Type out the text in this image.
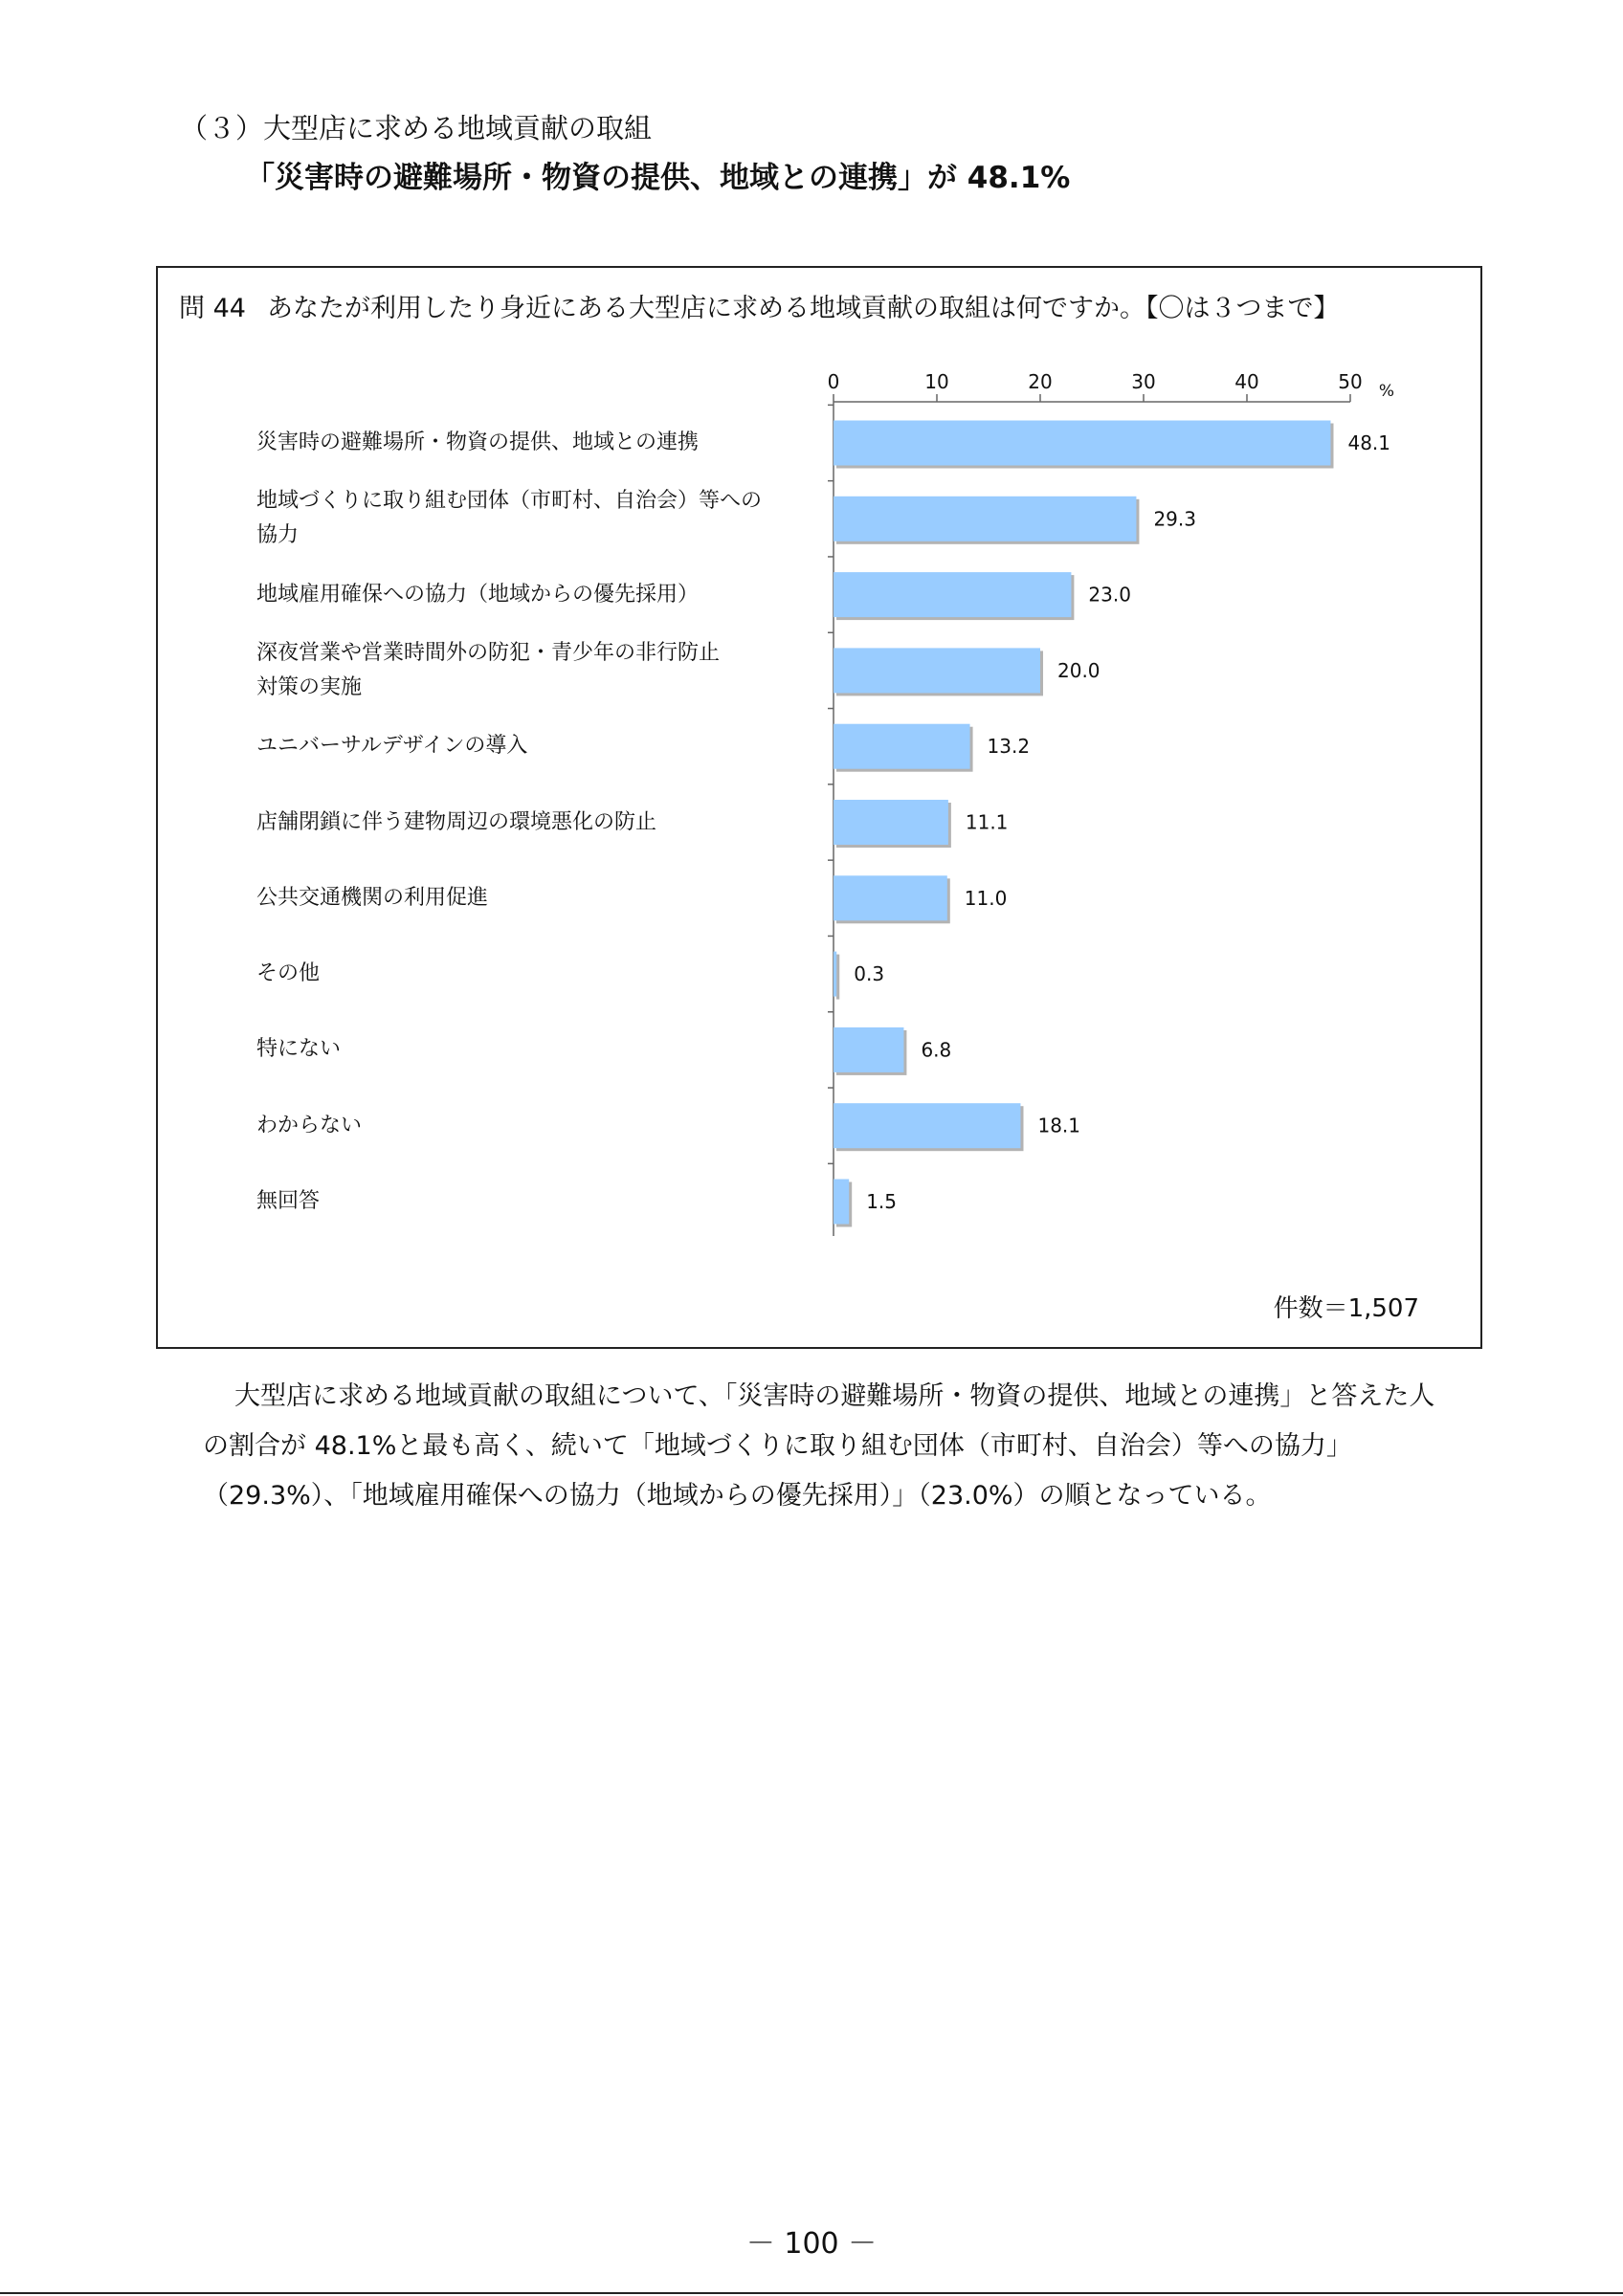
（３）大型店に求める地域貢献の取組
「災害時の避難場所・物資の提供、地域との連携」が 48.1%
問 44 あなたが利用したり身近にある大型店に求める地域貢献の取組は何ですか。【〇は３つまで】
災害時の避難場所・物資の提供、地域との連携
地域づくりに取り組む団体（市町村、自治会）等への
協力
地域雇用確保への協力（地域からの優先採用）
深夜営業や営業時間外の防犯・青少年の非行防止
対策の実施
ユニバーサルデザインの導入
店舗閉鎖に伴う建物周辺の環境悪化の防止
公共交通機関の利用促進
その他
特にない
わからない
無回答
0	10	20	30	40	50 %
48.1
29.3
23.0
20.0
13.2
11.1
11.0
0.3
6.8
18.1
1.5
件数＝1,507
大型店に求める地域貢献の取組について、「災害時の避難場所・物資の提供、地域との連携」と答えた人の割合が 48.1%と最も高く、続いて「地域づくりに取り組む団体（市町村、自治会）等への協力」（29.3%）、「地域雇用確保への協力（地域からの優先採用）」（23.0%）の順となっている。
－ 100 －
